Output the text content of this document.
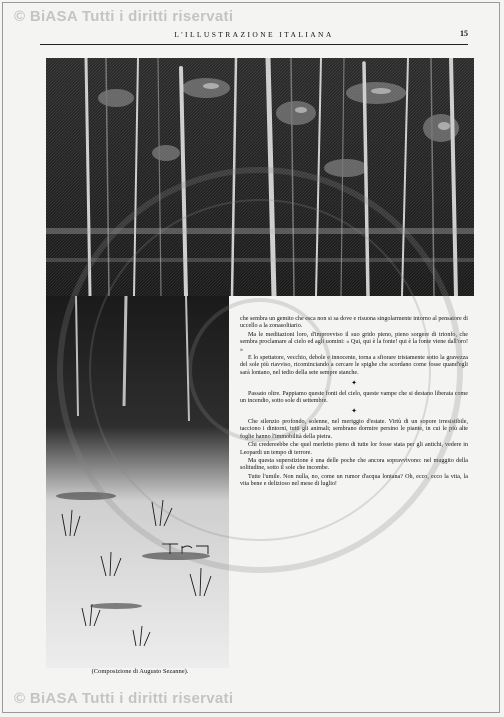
© BiASA Tutti i diritti riservati
L'ILLUSTRAZIONE ITALIANA	15
(Composizione di Augusto Sezanne).

che sembra un gemito che esca non si sa dove e risuona singolarmente intorno al pensatore di uccello a la zonasolitario.

Ma le meditazioni loro, d'improvviso il suo grido pieno, pieno sorgere di trionfo, che sembra proclamare al cielo ed agli uomini: « Qui, qui è la fonte! qui è la fonte viene dall'oro! »

E lo spettatore, vecchio, debole e innocente, torna a sfiorare tristamente sotto la gravezza del sole più riavviso, ricominciando a cercare le spighe che scordano come fosse quand'egli sarà lontano, nel tedio della sete sempre stanche.

✦

Passato oltre. Pappiamo queste fonti del cielo, queste vampe che si destano liberata come un incendio, sotto sole di settembre.

✦

Che silenzio profondo, solenne, nel meriggio d'estate. Virtù di un sopore irresistibile, tacciono i dintorni, tutti gli animali; sembrano dormire persino le piante, in cui le più alte foglie hanno l'immobilità della pietra.

Chi credereebbe che quel merletto pieno di tutte lor fosse stata per gli antichi, vedere in Leopardi un tempo di terrore.

Ma questa superstizione è una delle poche che ancora sopravvivono: nel muggito della solitudine, sotto il sole che incombe.

Tutte l'umile. Non nulla, no, come un rumor d'acqua lontana? Oh, ecco, ecco la vita, la vita bene e delizioso nel mese di luglio!

© BiASA Tutti i diritti riservati
